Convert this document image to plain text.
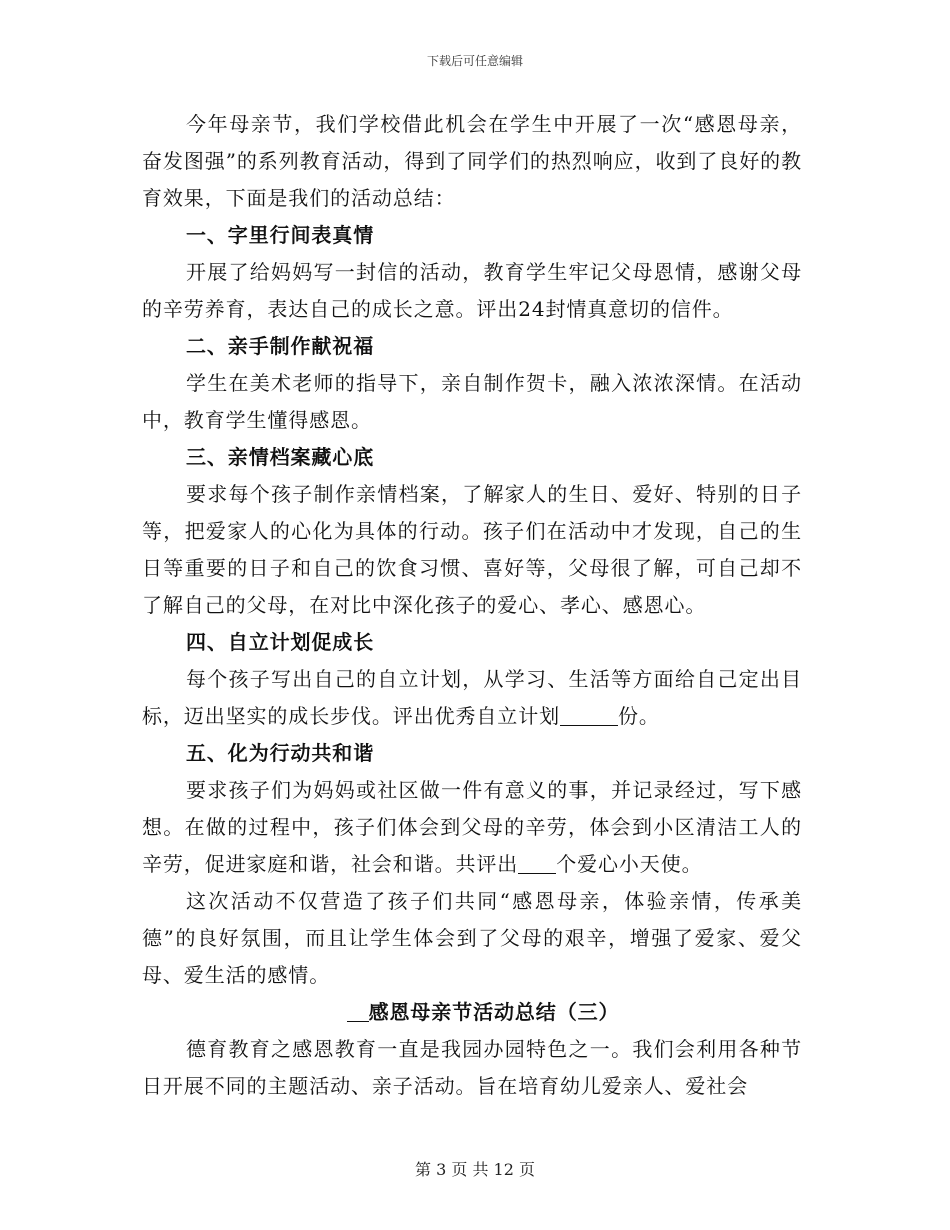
下载后可任意编辑

今年母亲节，我们学校借此机会在学生中开展了一次“感恩母亲，奋发图强”的系列教育活动，得到了同学们的热烈响应，收到了良好的教育效果，下面是我们的活动总结：

一、字里行间表真情

开展了给妈妈写一封信的活动，教育学生牢记父母恩情，感谢父母的辛劳养育，表达自己的成长之意。评出24封情真意切的信件。

二、亲手制作献祝福

学生在美术老师的指导下，亲自制作贺卡，融入浓浓深情。在活动中，教育学生懂得感恩。

三、亲情档案藏心底

要求每个孩子制作亲情档案，了解家人的生日、爱好、特别的日子等，把爱家人的心化为具体的行动。孩子们在活动中才发现，自己的生日等重要的日子和自己的饮食习惯、喜好等，父母很了解，可自己却不了解自己的父母，在对比中深化孩子的爱心、孝心、感恩心。

四、自立计划促成长

每个孩子写出自己的自立计划，从学习、生活等方面给自己定出目标，迈出坚实的成长步伐。评出优秀自立计划	份。

五、化为行动共和谐

要求孩子们为妈妈或社区做一件有意义的事，并记录经过，写下感想。在做的过程中，孩子们体会到父母的辛劳，体会到小区清洁工人的辛劳，促进家庭和谐，社会和谐。共评出 个爱心小天使。

这次活动不仅营造了孩子们共同“感恩母亲，体验亲情，传承美德”的良好氛围，而且让学生体会到了父母的艰辛，增强了爱家、爱父母、爱生活的感情。

感恩母亲节活动总结（三）

德育教育之感恩教育一直是我园办园特色之一。我们会利用各种节日开展不同的主题活动、亲子活动。旨在培育幼儿爱亲人、爱社会

第 3 页 共 12 页
